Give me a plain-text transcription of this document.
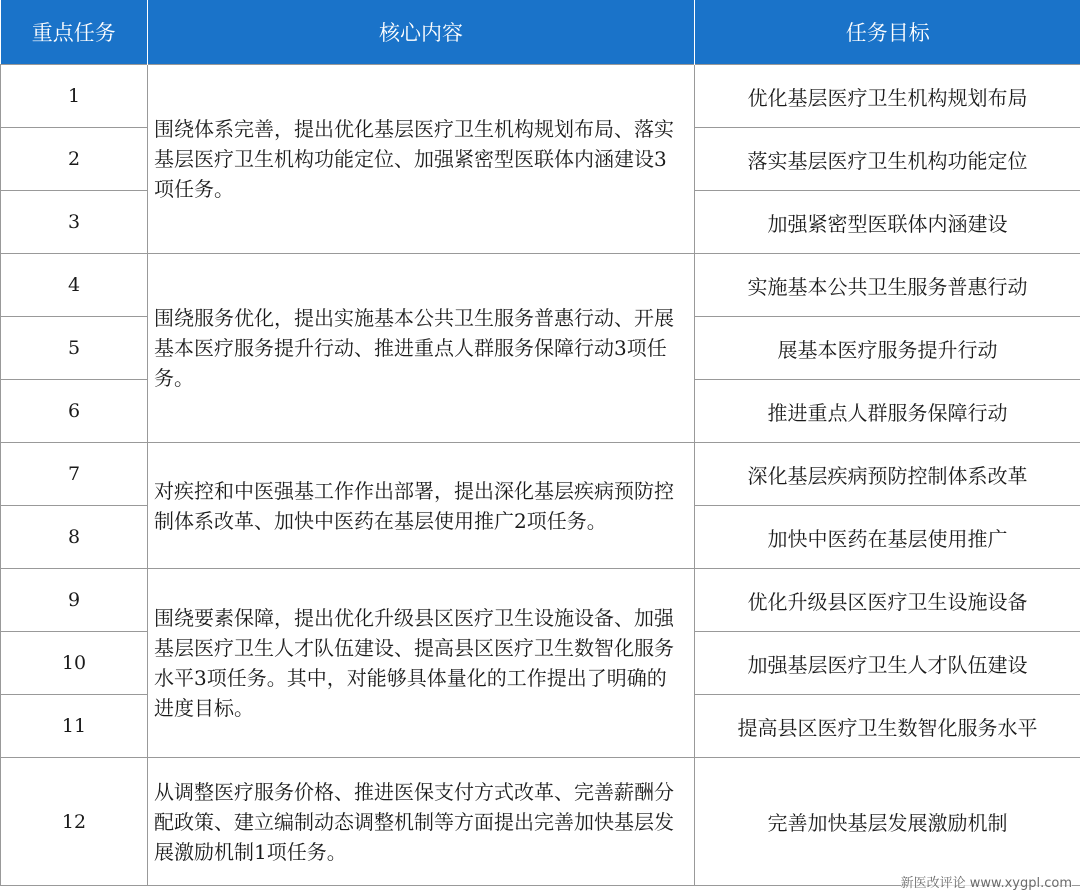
重点任务	核心内容	任务目标
1	围绕体系完善，提出优化基层医疗卫生机构规划布局、落实基层医疗卫生机构功能定位、加强紧密型医联体内涵建设3项任务。	优化基层医疗卫生机构规划布局
2		落实基层医疗卫生机构功能定位
3		加强紧密型医联体内涵建设
4	围绕服务优化，提出实施基本公共卫生服务普惠行动、开展基本医疗服务提升行动、推进重点人群服务保障行动3项任务。	实施基本公共卫生服务普惠行动
5		展基本医疗服务提升行动
6		推进重点人群服务保障行动
7	对疾控和中医强基工作作出部署，提出深化基层疾病预防控制体系改革、加快中医药在基层使用推广2项任务。	深化基层疾病预防控制体系改革
8		加快中医药在基层使用推广
9	围绕要素保障，提出优化升级县区医疗卫生设施设备、加强基层医疗卫生人才队伍建设、提高县区医疗卫生数智化服务水平3项任务。其中，对能够具体量化的工作提出了明确的进度目标。	优化升级县区医疗卫生设施设备
10		加强基层医疗卫生人才队伍建设
11		提高县区医疗卫生数智化服务水平
12	从调整医疗服务价格、推进医保支付方式改革、完善薪酬分配政策、建立编制动态调整机制等方面提出完善加快基层发展激励机制1项任务。	完善加快基层发展激励机制
新医改评论 www.xygpl.com
